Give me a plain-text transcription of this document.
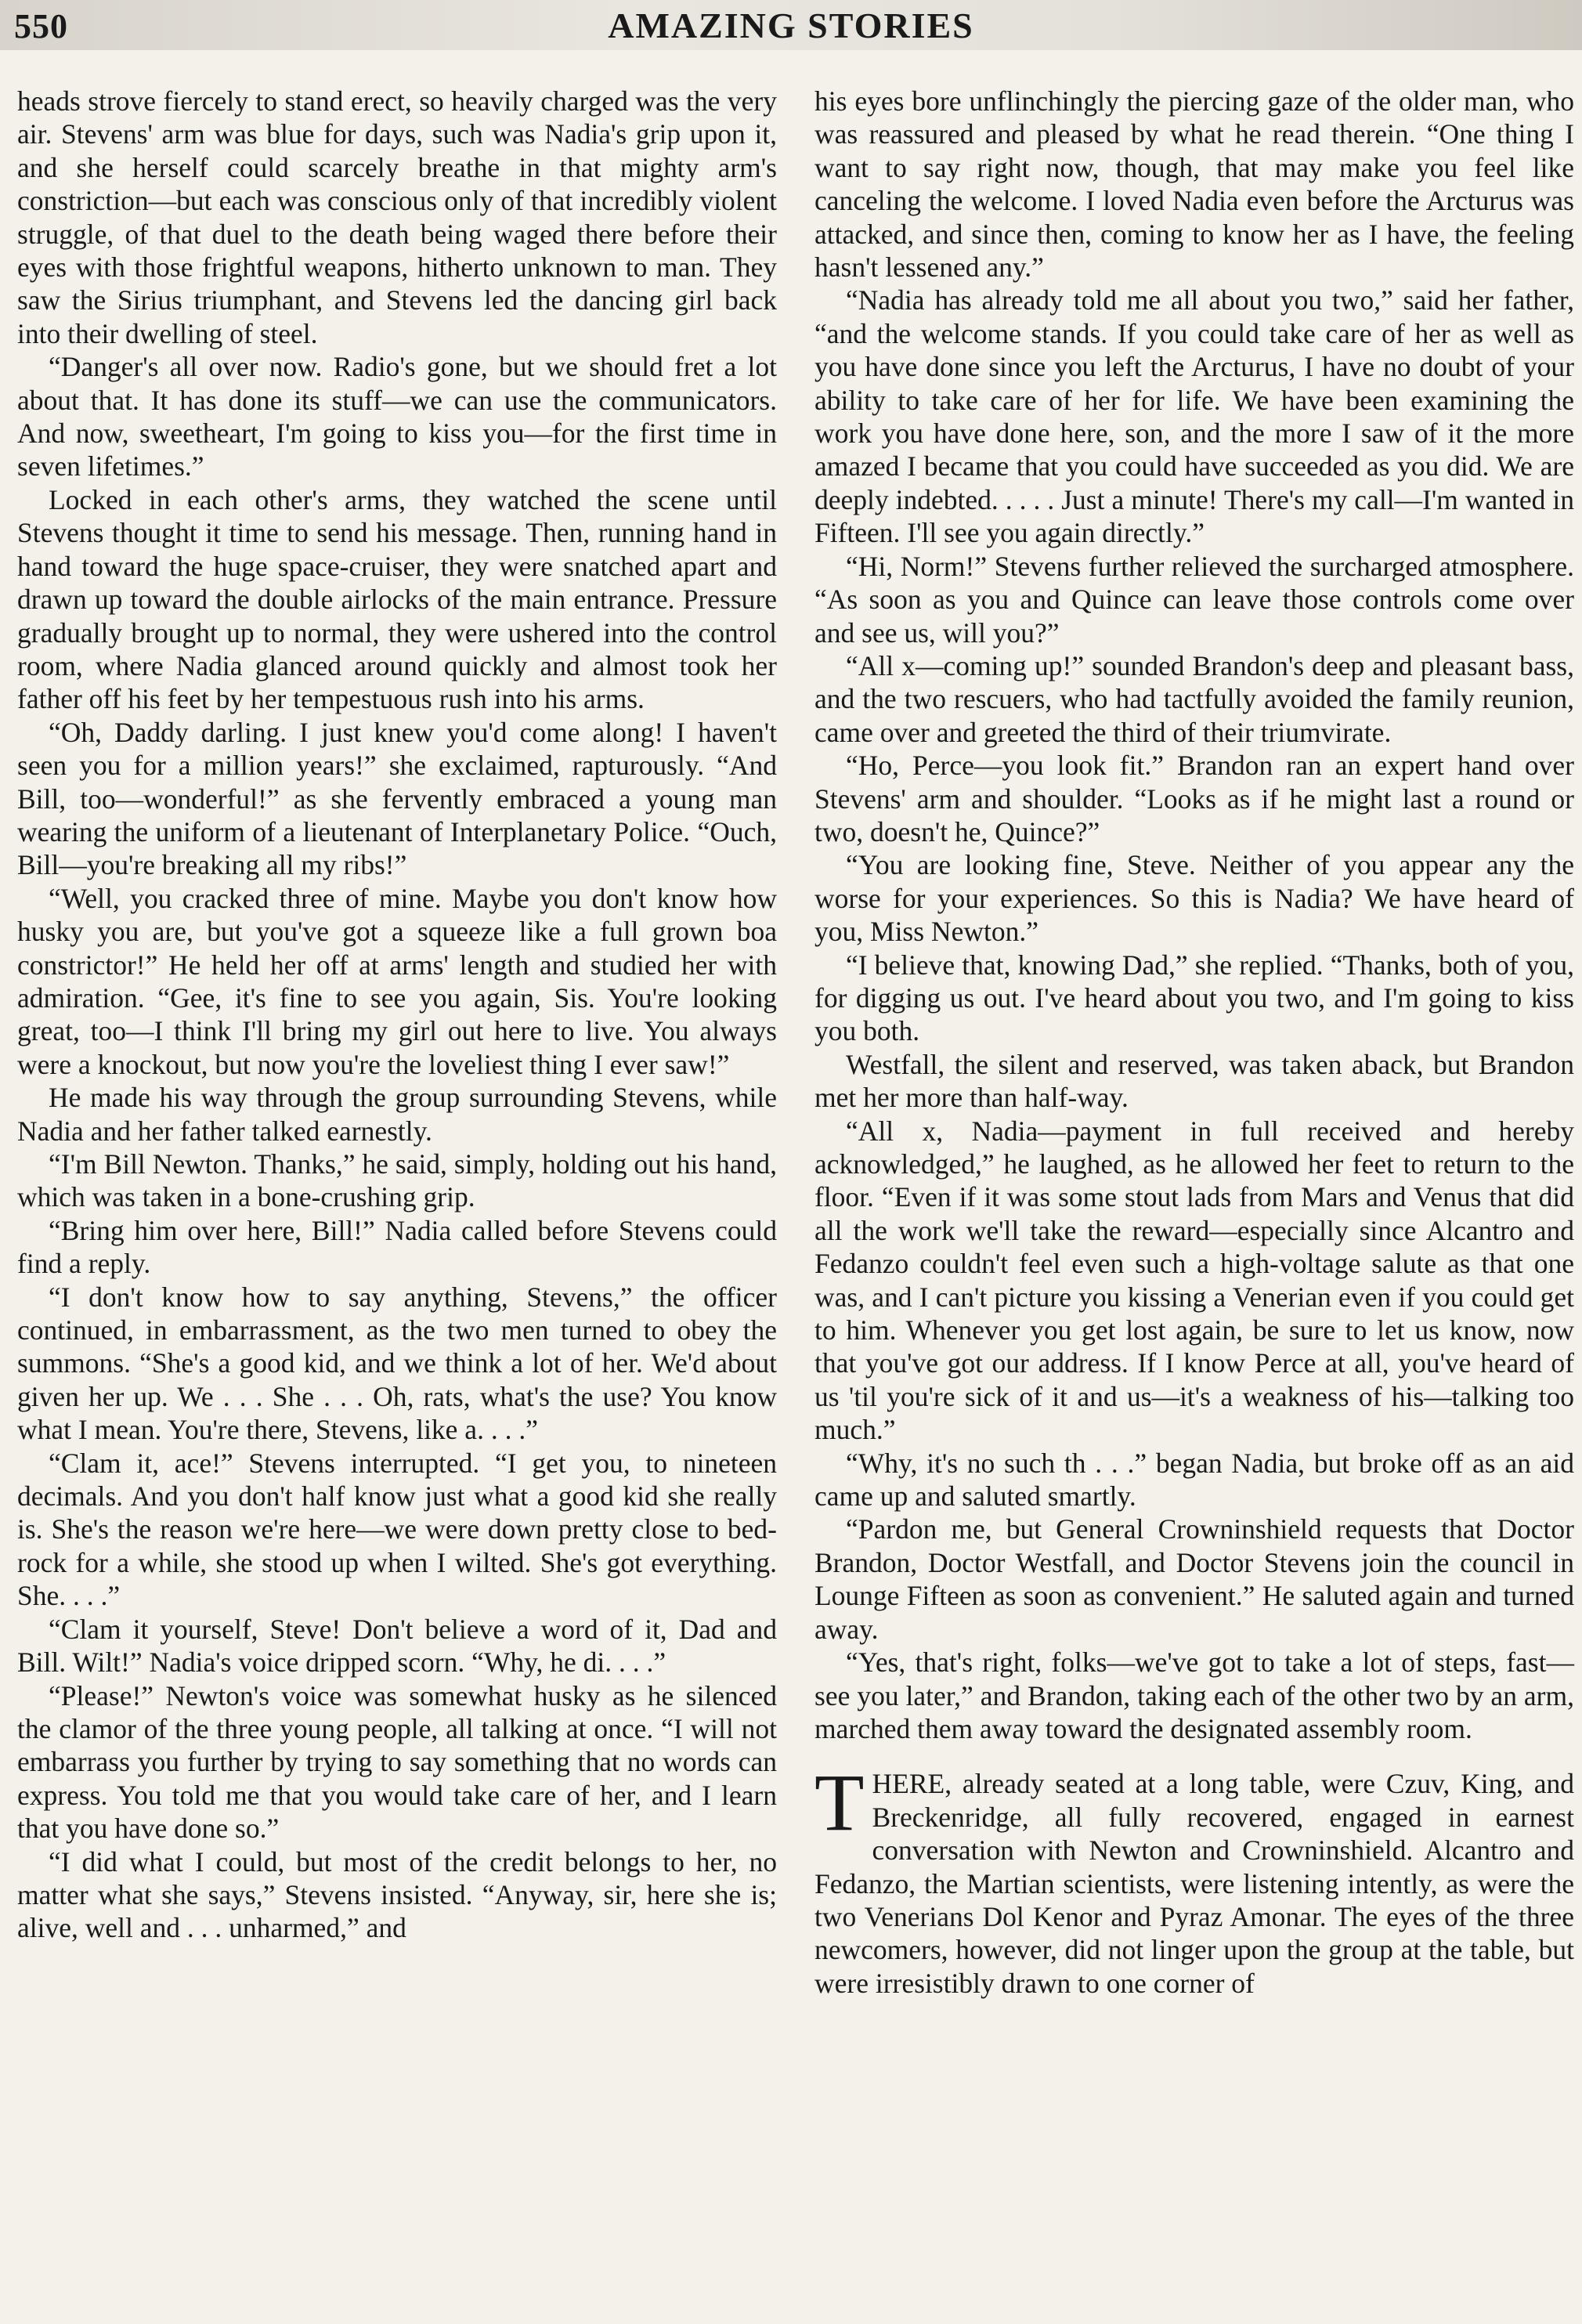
550	AMAZING STORIES

heads strove fiercely to stand erect, so heavily charged was the very air. Stevens' arm was blue for days, such was Nadia's grip upon it, and she herself could scarcely breathe in that mighty arm's constriction—but each was conscious only of that incredibly violent struggle, of that duel to the death being waged there before their eyes with those frightful weapons, hitherto unknown to man. They saw the Sirius triumphant, and Stevens led the dancing girl back into their dwelling of steel.

“Danger's all over now. Radio's gone, but we should fret a lot about that. It has done its stuff—we can use the communicators. And now, sweetheart, I'm going to kiss you—for the first time in seven lifetimes.”

Locked in each other's arms, they watched the scene until Stevens thought it time to send his message. Then, running hand in hand toward the huge space-cruiser, they were snatched apart and drawn up toward the double airlocks of the main entrance. Pressure gradually brought up to normal, they were ushered into the control room, where Nadia glanced around quickly and almost took her father off his feet by her tempestuous rush into his arms.

“Oh, Daddy darling. I just knew you'd come along! I haven't seen you for a million years!” she exclaimed, rapturously. “And Bill, too—wonderful!” as she fervently embraced a young man wearing the uniform of a lieutenant of Interplanetary Police. “Ouch, Bill—you're breaking all my ribs!”

“Well, you cracked three of mine. Maybe you don't know how husky you are, but you've got a squeeze like a full grown boa constrictor!” He held her off at arms' length and studied her with admiration. “Gee, it's fine to see you again, Sis. You're looking great, too—I think I'll bring my girl out here to live. You always were a knockout, but now you're the loveliest thing I ever saw!”

He made his way through the group surrounding Stevens, while Nadia and her father talked earnestly.

“I'm Bill Newton. Thanks,” he said, simply, holding out his hand, which was taken in a bone-crushing grip.

“Bring him over here, Bill!” Nadia called before Stevens could find a reply.

“I don't know how to say anything, Stevens,” the officer continued, in embarrassment, as the two men turned to obey the summons. “She's a good kid, and we think a lot of her. We'd about given her up. We . . . She . . . Oh, rats, what's the use? You know what I mean. You're there, Stevens, like a. . . .”

“Clam it, ace!” Stevens interrupted. “I get you, to nineteen decimals. And you don't half know just what a good kid she really is. She's the reason we're here—we were down pretty close to bed-rock for a while, she stood up when I wilted. She's got everything. She. . . .”

“Clam it yourself, Steve! Don't believe a word of it, Dad and Bill. Wilt!” Nadia's voice dripped scorn. “Why, he di. . . .”

“Please!” Newton's voice was somewhat husky as he silenced the clamor of the three young people, all talking at once. “I will not embarrass you further by trying to say something that no words can express. You told me that you would take care of her, and I learn that you have done so.”

“I did what I could, but most of the credit belongs to her, no matter what she says,” Stevens insisted. “Anyway, sir, here she is; alive, well and . . . unharmed,” and

his eyes bore unflinchingly the piercing gaze of the older man, who was reassured and pleased by what he read therein. “One thing I want to say right now, though, that may make you feel like canceling the welcome. I loved Nadia even before the Arcturus was attacked, and since then, coming to know her as I have, the feeling hasn't lessened any.”

“Nadia has already told me all about you two,” said her father, “and the welcome stands. If you could take care of her as well as you have done since you left the Arcturus, I have no doubt of your ability to take care of her for life. We have been examining the work you have done here, son, and the more I saw of it the more amazed I became that you could have succeeded as you did. We are deeply indebted. . . . . Just a minute! There's my call—I'm wanted in Fifteen. I'll see you again directly.”

“Hi, Norm!” Stevens further relieved the surcharged atmosphere. “As soon as you and Quince can leave those controls come over and see us, will you?”

“All x—coming up!” sounded Brandon's deep and pleasant bass, and the two rescuers, who had tactfully avoided the family reunion, came over and greeted the third of their triumvirate.

“Ho, Perce—you look fit.” Brandon ran an expert hand over Stevens' arm and shoulder. “Looks as if he might last a round or two, doesn't he, Quince?”

“You are looking fine, Steve. Neither of you appear any the worse for your experiences. So this is Nadia? We have heard of you, Miss Newton.”

“I believe that, knowing Dad,” she replied. “Thanks, both of you, for digging us out. I've heard about you two, and I'm going to kiss you both.

Westfall, the silent and reserved, was taken aback, but Brandon met her more than half-way.

“All x, Nadia—payment in full received and hereby acknowledged,” he laughed, as he allowed her feet to return to the floor. “Even if it was some stout lads from Mars and Venus that did all the work we'll take the reward—especially since Alcantro and Fedanzo couldn't feel even such a high-voltage salute as that one was, and I can't picture you kissing a Venerian even if you could get to him. Whenever you get lost again, be sure to let us know, now that you've got our address. If I know Perce at all, you've heard of us 'til you're sick of it and us—it's a weakness of his—talking too much.”

“Why, it's no such th . . .” began Nadia, but broke off as an aid came up and saluted smartly.

“Pardon me, but General Crowninshield requests that Doctor Brandon, Doctor Westfall, and Doctor Stevens join the council in Lounge Fifteen as soon as convenient.” He saluted again and turned away.

“Yes, that's right, folks—we've got to take a lot of steps, fast—see you later,” and Brandon, taking each of the other two by an arm, marched them away toward the designated assembly room.

THERE, already seated at a long table, were Czuv, King, and Breckenridge, all fully recovered, engaged in earnest conversation with Newton and Crowninshield. Alcantro and Fedanzo, the Martian scientists, were listening intently, as were the two Venerians Dol Kenor and Pyraz Amonar. The eyes of the three newcomers, however, did not linger upon the group at the table, but were irresistibly drawn to one corner of
